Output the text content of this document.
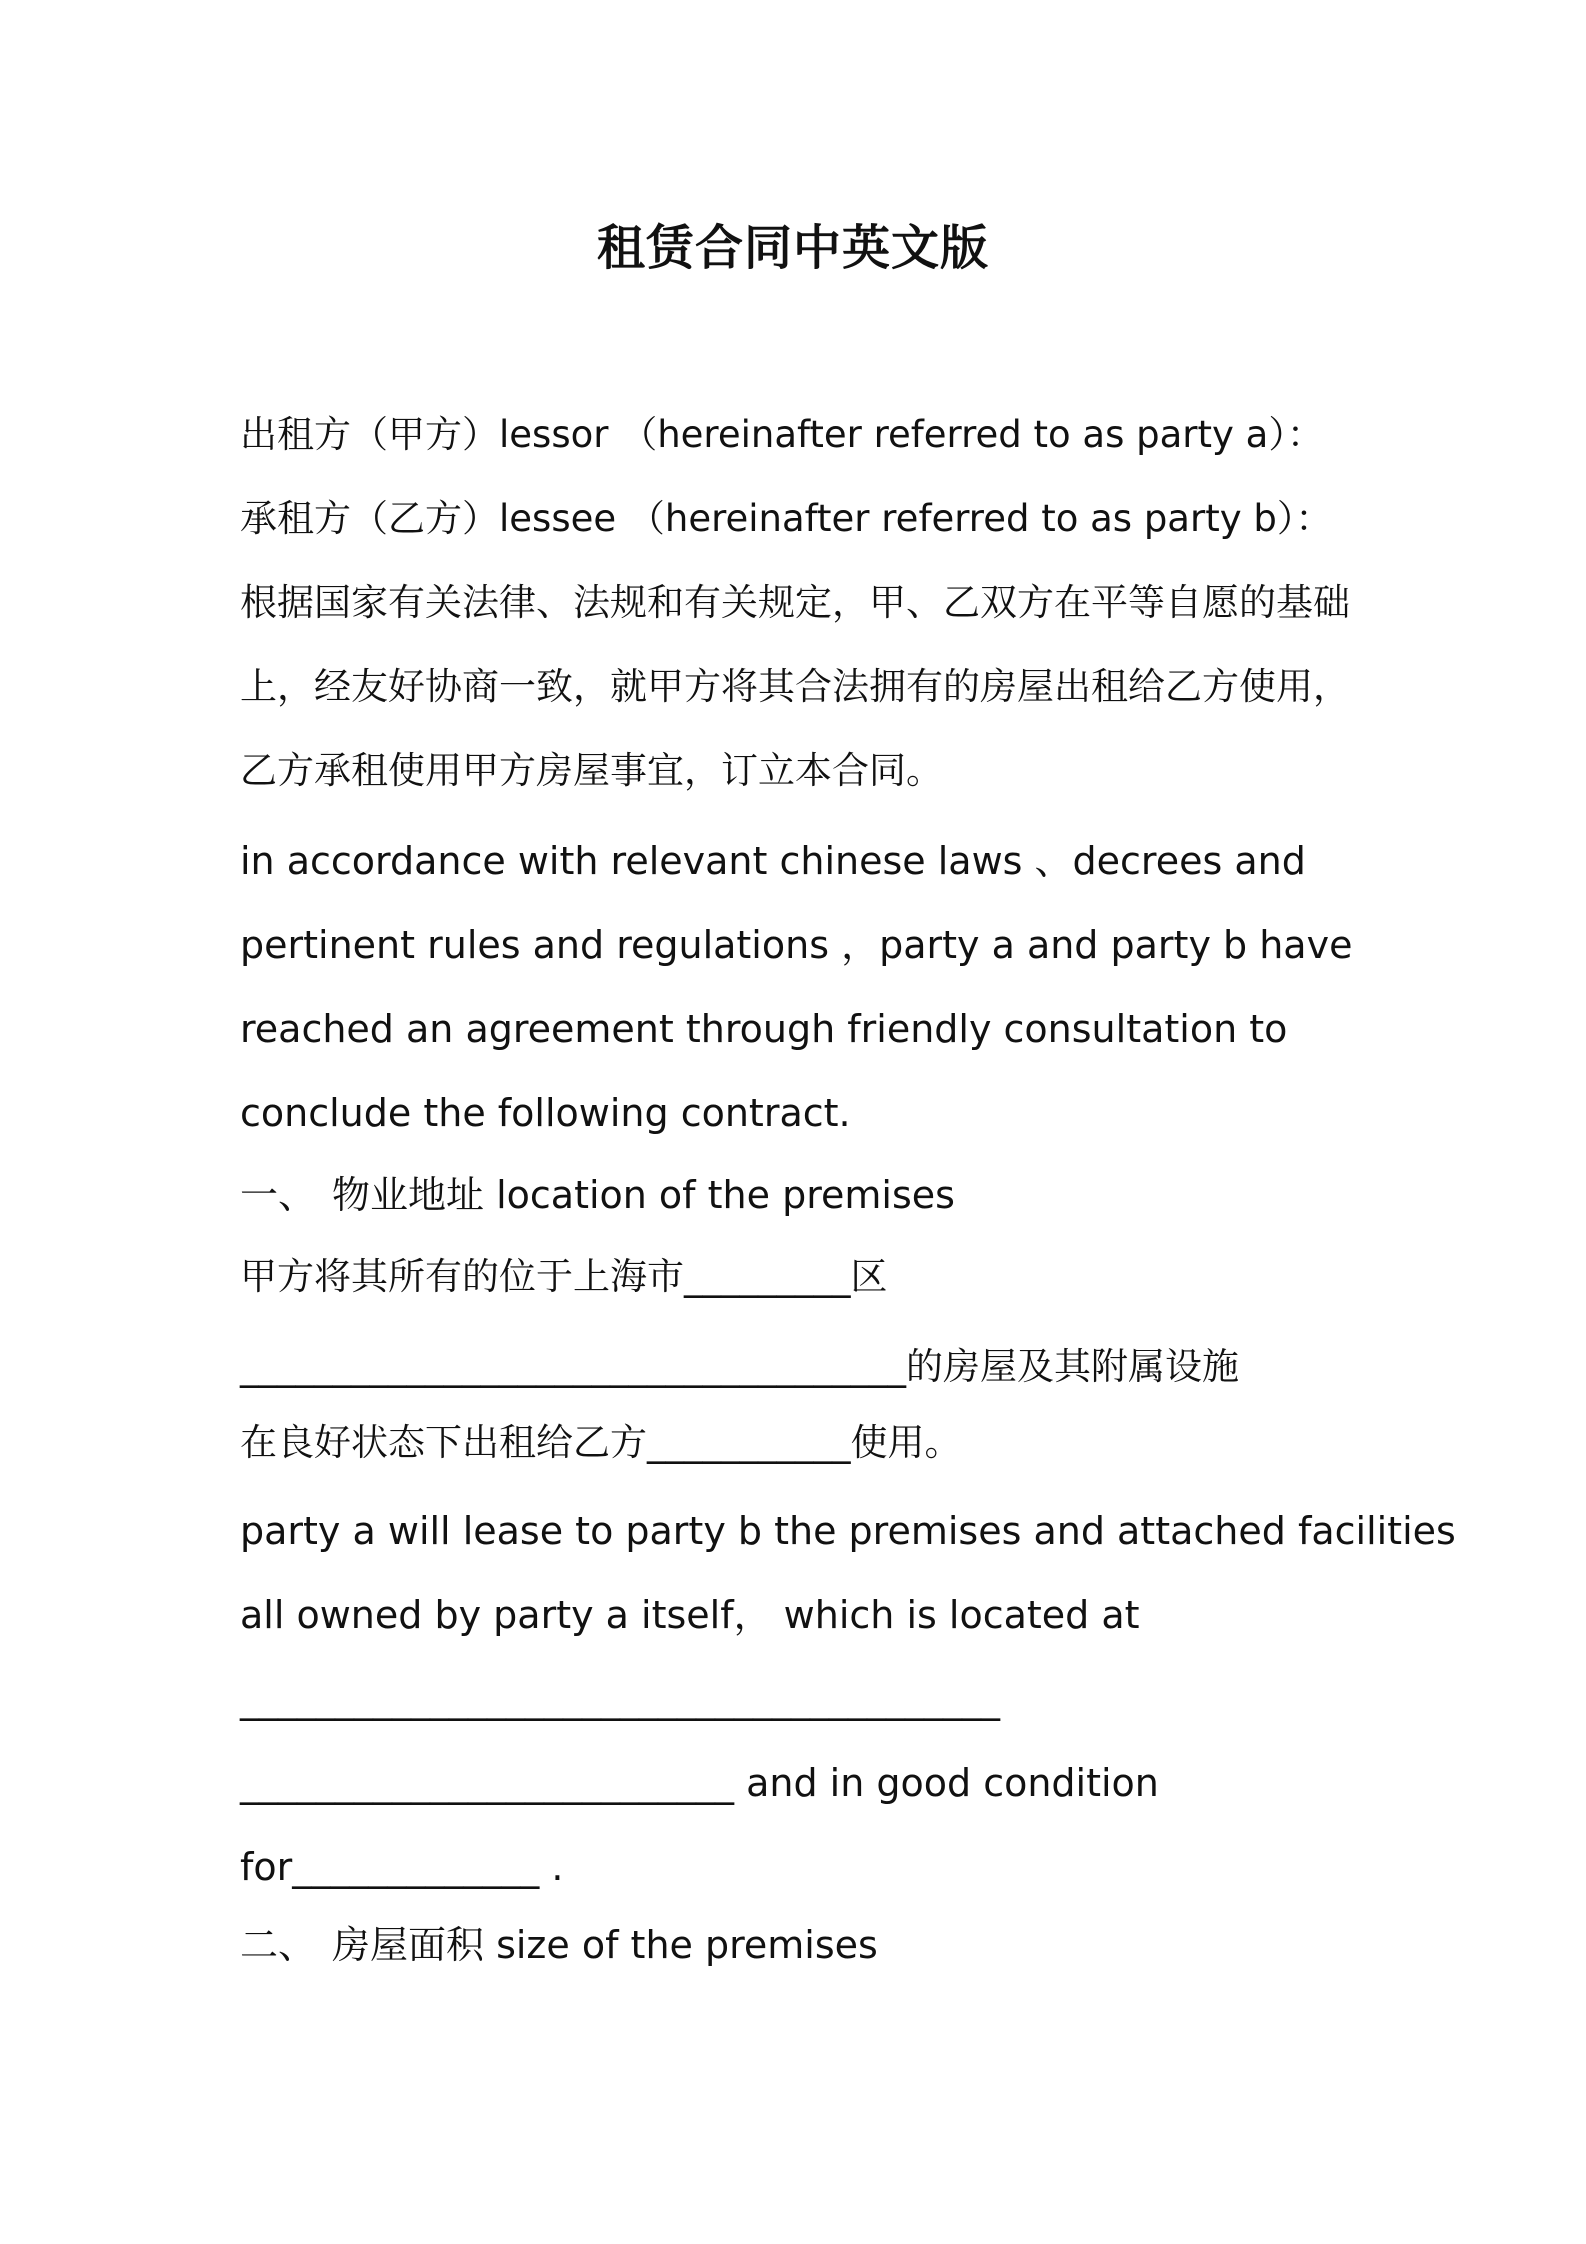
租赁合同中英文版
出租方（甲方）lessor （hereinafter referred to as party a）：
承租方（乙方）lessee （hereinafter referred to as party b）：
根据国家有关法律、法规和有关规定，甲、乙双方在平等自愿的基础
上，经友好协商一致，就甲方将其合法拥有的房屋出租给乙方使用，
乙方承租使用甲方房屋事宜，订立本合同。
in accordance with relevant chinese laws 、decrees and
pertinent rules and regulations ，party a and party b have
reached an agreement through friendly consultation to
conclude the following contract.
一、 物业地址 location of the premises
甲方将其所有的位于上海市_________区
____________________________________的房屋及其附属设施
在良好状态下出租给乙方___________使用。
party a will lease to party b the premises and attached facilities
all owned by party a itself， which is located at
________________________________________
__________________________ and in good condition
for_____________ .
二、 房屋面积 size of the premises
